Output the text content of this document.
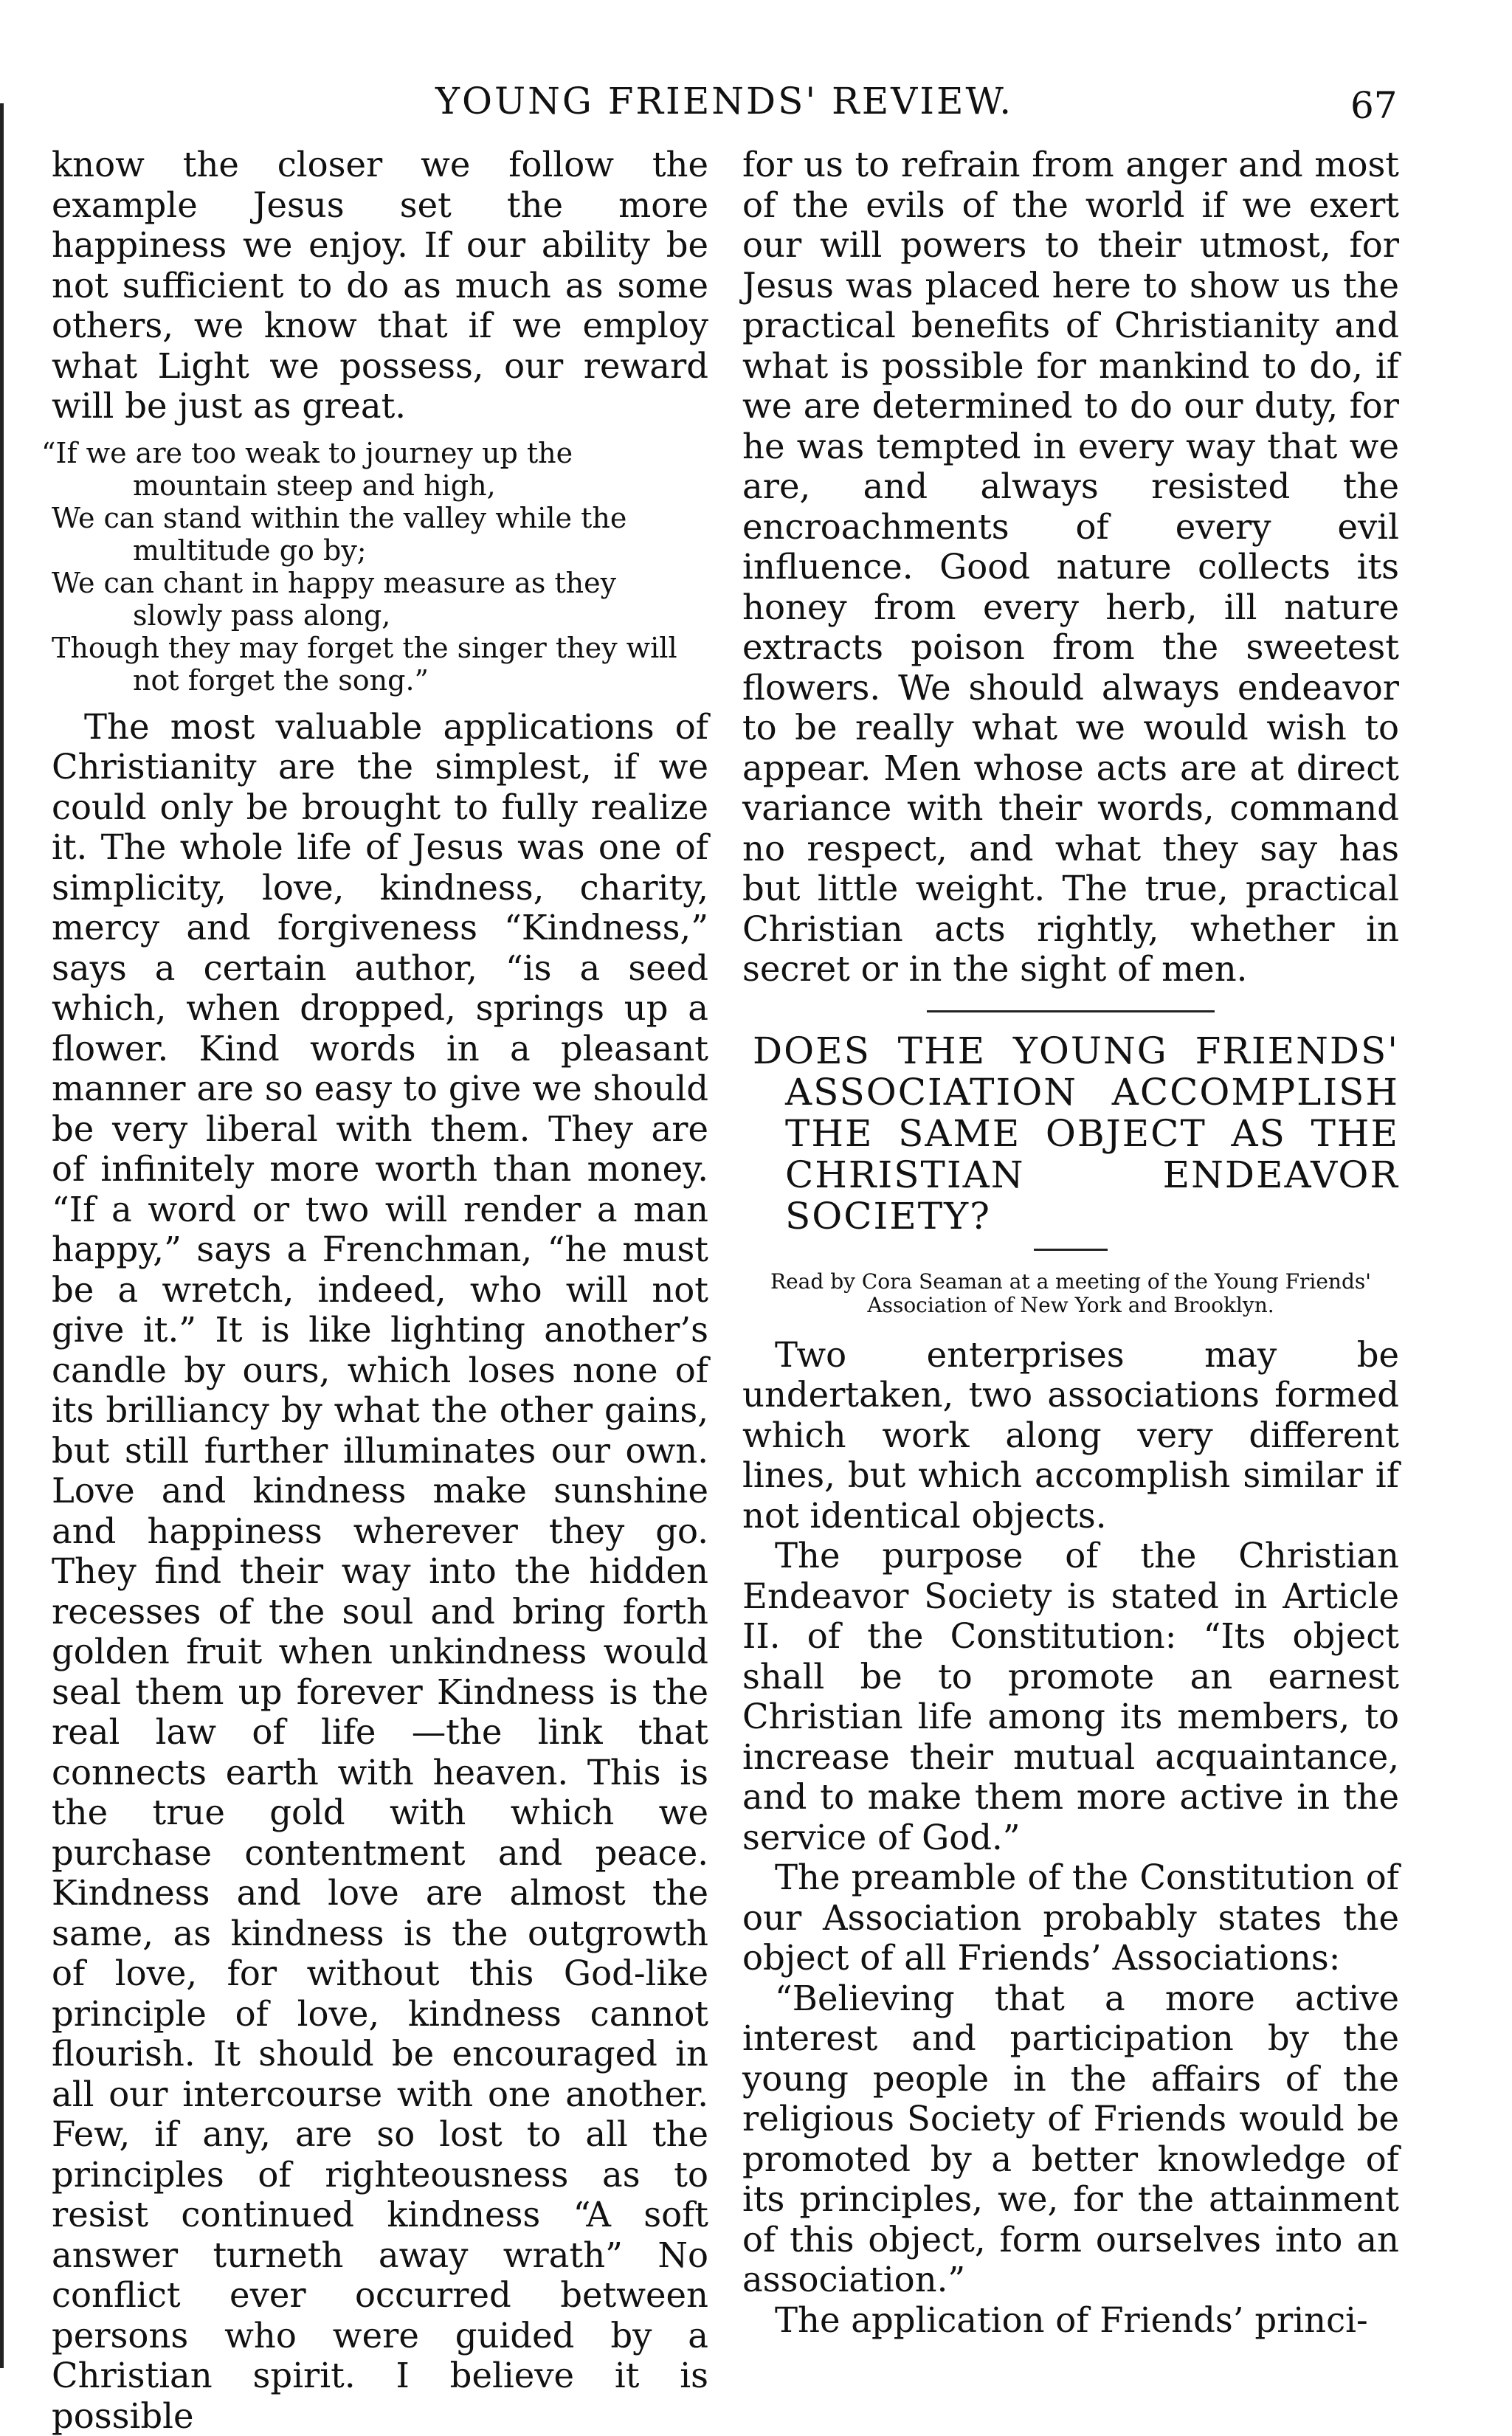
YOUNG FRIENDS' REVIEW.	67

know the closer we follow the example Jesus set the more happiness we enjoy. If our ability be not sufficient to do as much as some others, we know that if we employ what Light we possess, our reward will be just as great.

“If we are too weak to journey up the mountain steep and high,
We can stand within the valley while the multitude go by;
We can chant in happy measure as they slowly pass along,
Though they may forget the singer they will not forget the song.”

The most valuable applications of Christianity are the simplest, if we could only be brought to fully realize it. The whole life of Jesus was one of simplicity, love, kindness, charity, mercy and forgiveness “Kindness,” says a certain author, “is a seed which, when dropped, springs up a flower. Kind words in a pleasant manner are so easy to give we should be very liberal with them. They are of infinitely more worth than money. “If a word or two will render a man happy,” says a Frenchman, “he must be a wretch, indeed, who will not give it.” It is like lighting another’s candle by ours, which loses none of its brilliancy by what the other gains, but still further illuminates our own. Love and kindness make sunshine and happiness wherever they go. They find their way into the hidden recesses of the soul and bring forth golden fruit when unkindness would seal them up forever Kindness is the real law of life —the link that connects earth with heaven. This is the true gold with which we purchase contentment and peace. Kindness and love are almost the same, as kindness is the outgrowth of love, for without this God-like principle of love, kindness cannot flourish. It should be encouraged in all our intercourse with one another. Few, if any, are so lost to all the principles of righteousness as to resist continued kindness “A soft answer turneth away wrath” No conflict ever occurred between persons who were guided by a Christian spirit. I believe it is possible

for us to refrain from anger and most of the evils of the world if we exert our will powers to their utmost, for Jesus was placed here to show us the practical benefits of Christianity and what is possible for mankind to do, if we are determined to do our duty, for he was tempted in every way that we are, and always resisted the encroachments of every evil influence. Good nature collects its honey from every herb, ill nature extracts poison from the sweetest flowers. We should always endeavor to be really what we would wish to appear. Men whose acts are at direct variance with their words, command no respect, and what they say has but little weight. The true, practical Christian acts rightly, whether in secret or in the sight of men.

DOES THE YOUNG FRIENDS' ASSOCIATION ACCOMPLISH THE SAME OBJECT AS THE CHRISTIAN ENDEAVOR SOCIETY?
Read by Cora Seaman at a meeting of the Young Friends' Association of New York and Brooklyn.

Two enterprises may be undertaken, two associations formed which work along very different lines, but which accomplish similar if not identical objects.

The purpose of the Christian Endeavor Society is stated in Article II. of the Constitution: “Its object shall be to promote an earnest Christian life among its members, to increase their mutual acquaintance, and to make them more active in the service of God.”

The preamble of the Constitution of our Association probably states the object of all Friends’ Associations:

“Believing that a more active interest and participation by the young people in the affairs of the religious Society of Friends would be promoted by a better knowledge of its principles, we, for the attainment of this object, form ourselves into an association.”

The application of Friends’ princi-
